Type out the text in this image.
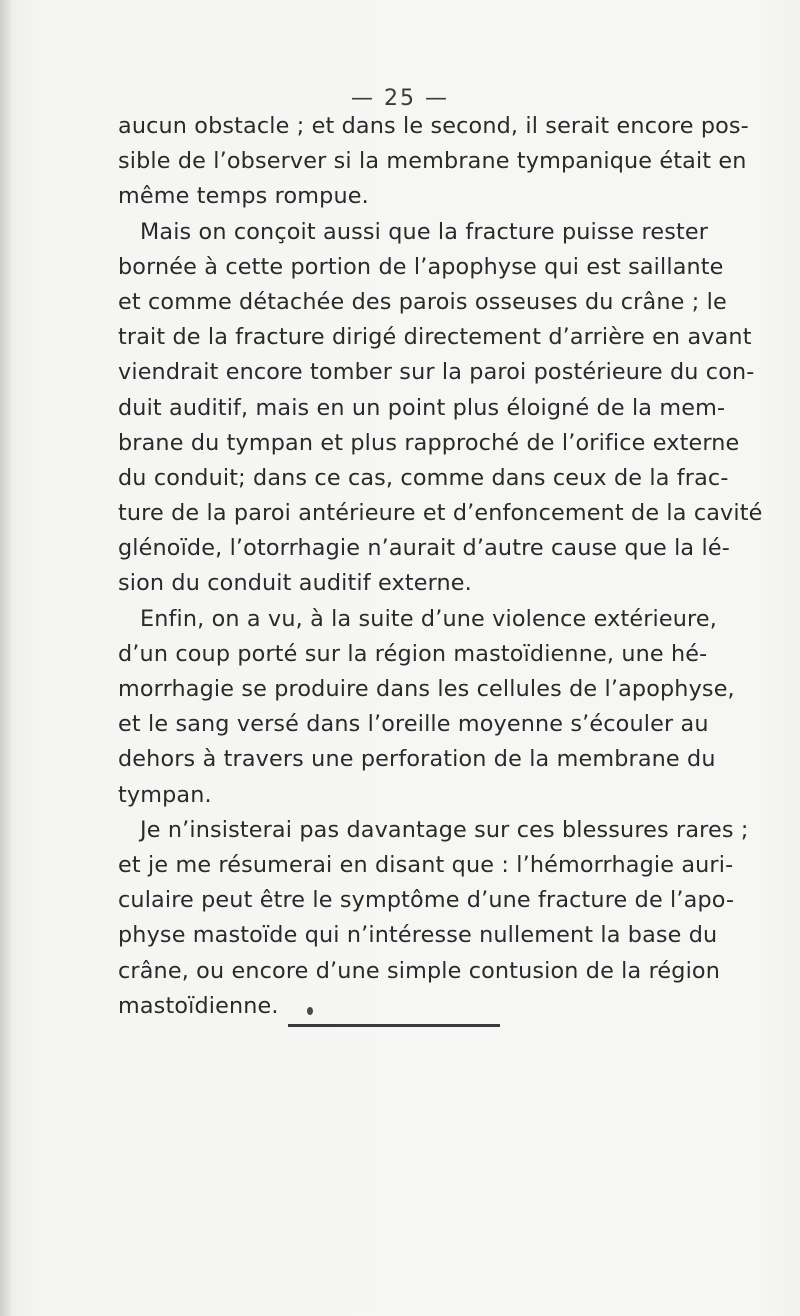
— 25 —
aucun obstacle ; et dans le second, il serait encore pos-
sible de l’observer si la membrane tympanique était en
même temps rompue.
Mais on conçoit aussi que la fracture puisse rester
bornée à cette portion de l’apophyse qui est saillante
et comme détachée des parois osseuses du crâne ; le
trait de la fracture dirigé directement d’arrière en avant
viendrait encore tomber sur la paroi postérieure du con-
duit auditif, mais en un point plus éloigné de la mem-
brane du tympan et plus rapproché de l’orifice externe
du conduit; dans ce cas, comme dans ceux de la frac-
ture de la paroi antérieure et d’enfoncement de la cavité
glénoïde, l’otorrhagie n’aurait d’autre cause que la lé-
sion du conduit auditif externe.
Enfin, on a vu, à la suite d’une violence extérieure,
d’un coup porté sur la région mastoïdienne, une hé-
morrhagie se produire dans les cellules de l’apophyse,
et le sang versé dans l’oreille moyenne s’écouler au
dehors à travers une perforation de la membrane du
tympan.
Je n’insisterai pas davantage sur ces blessures rares ;
et je me résumerai en disant que : l’hémorrhagie auri-
culaire peut être le symptôme d’une fracture de l’apo-
physe mastoïde qui n’intéresse nullement la base du
crâne, ou encore d’une simple contusion de la région
mastoïdienne.
